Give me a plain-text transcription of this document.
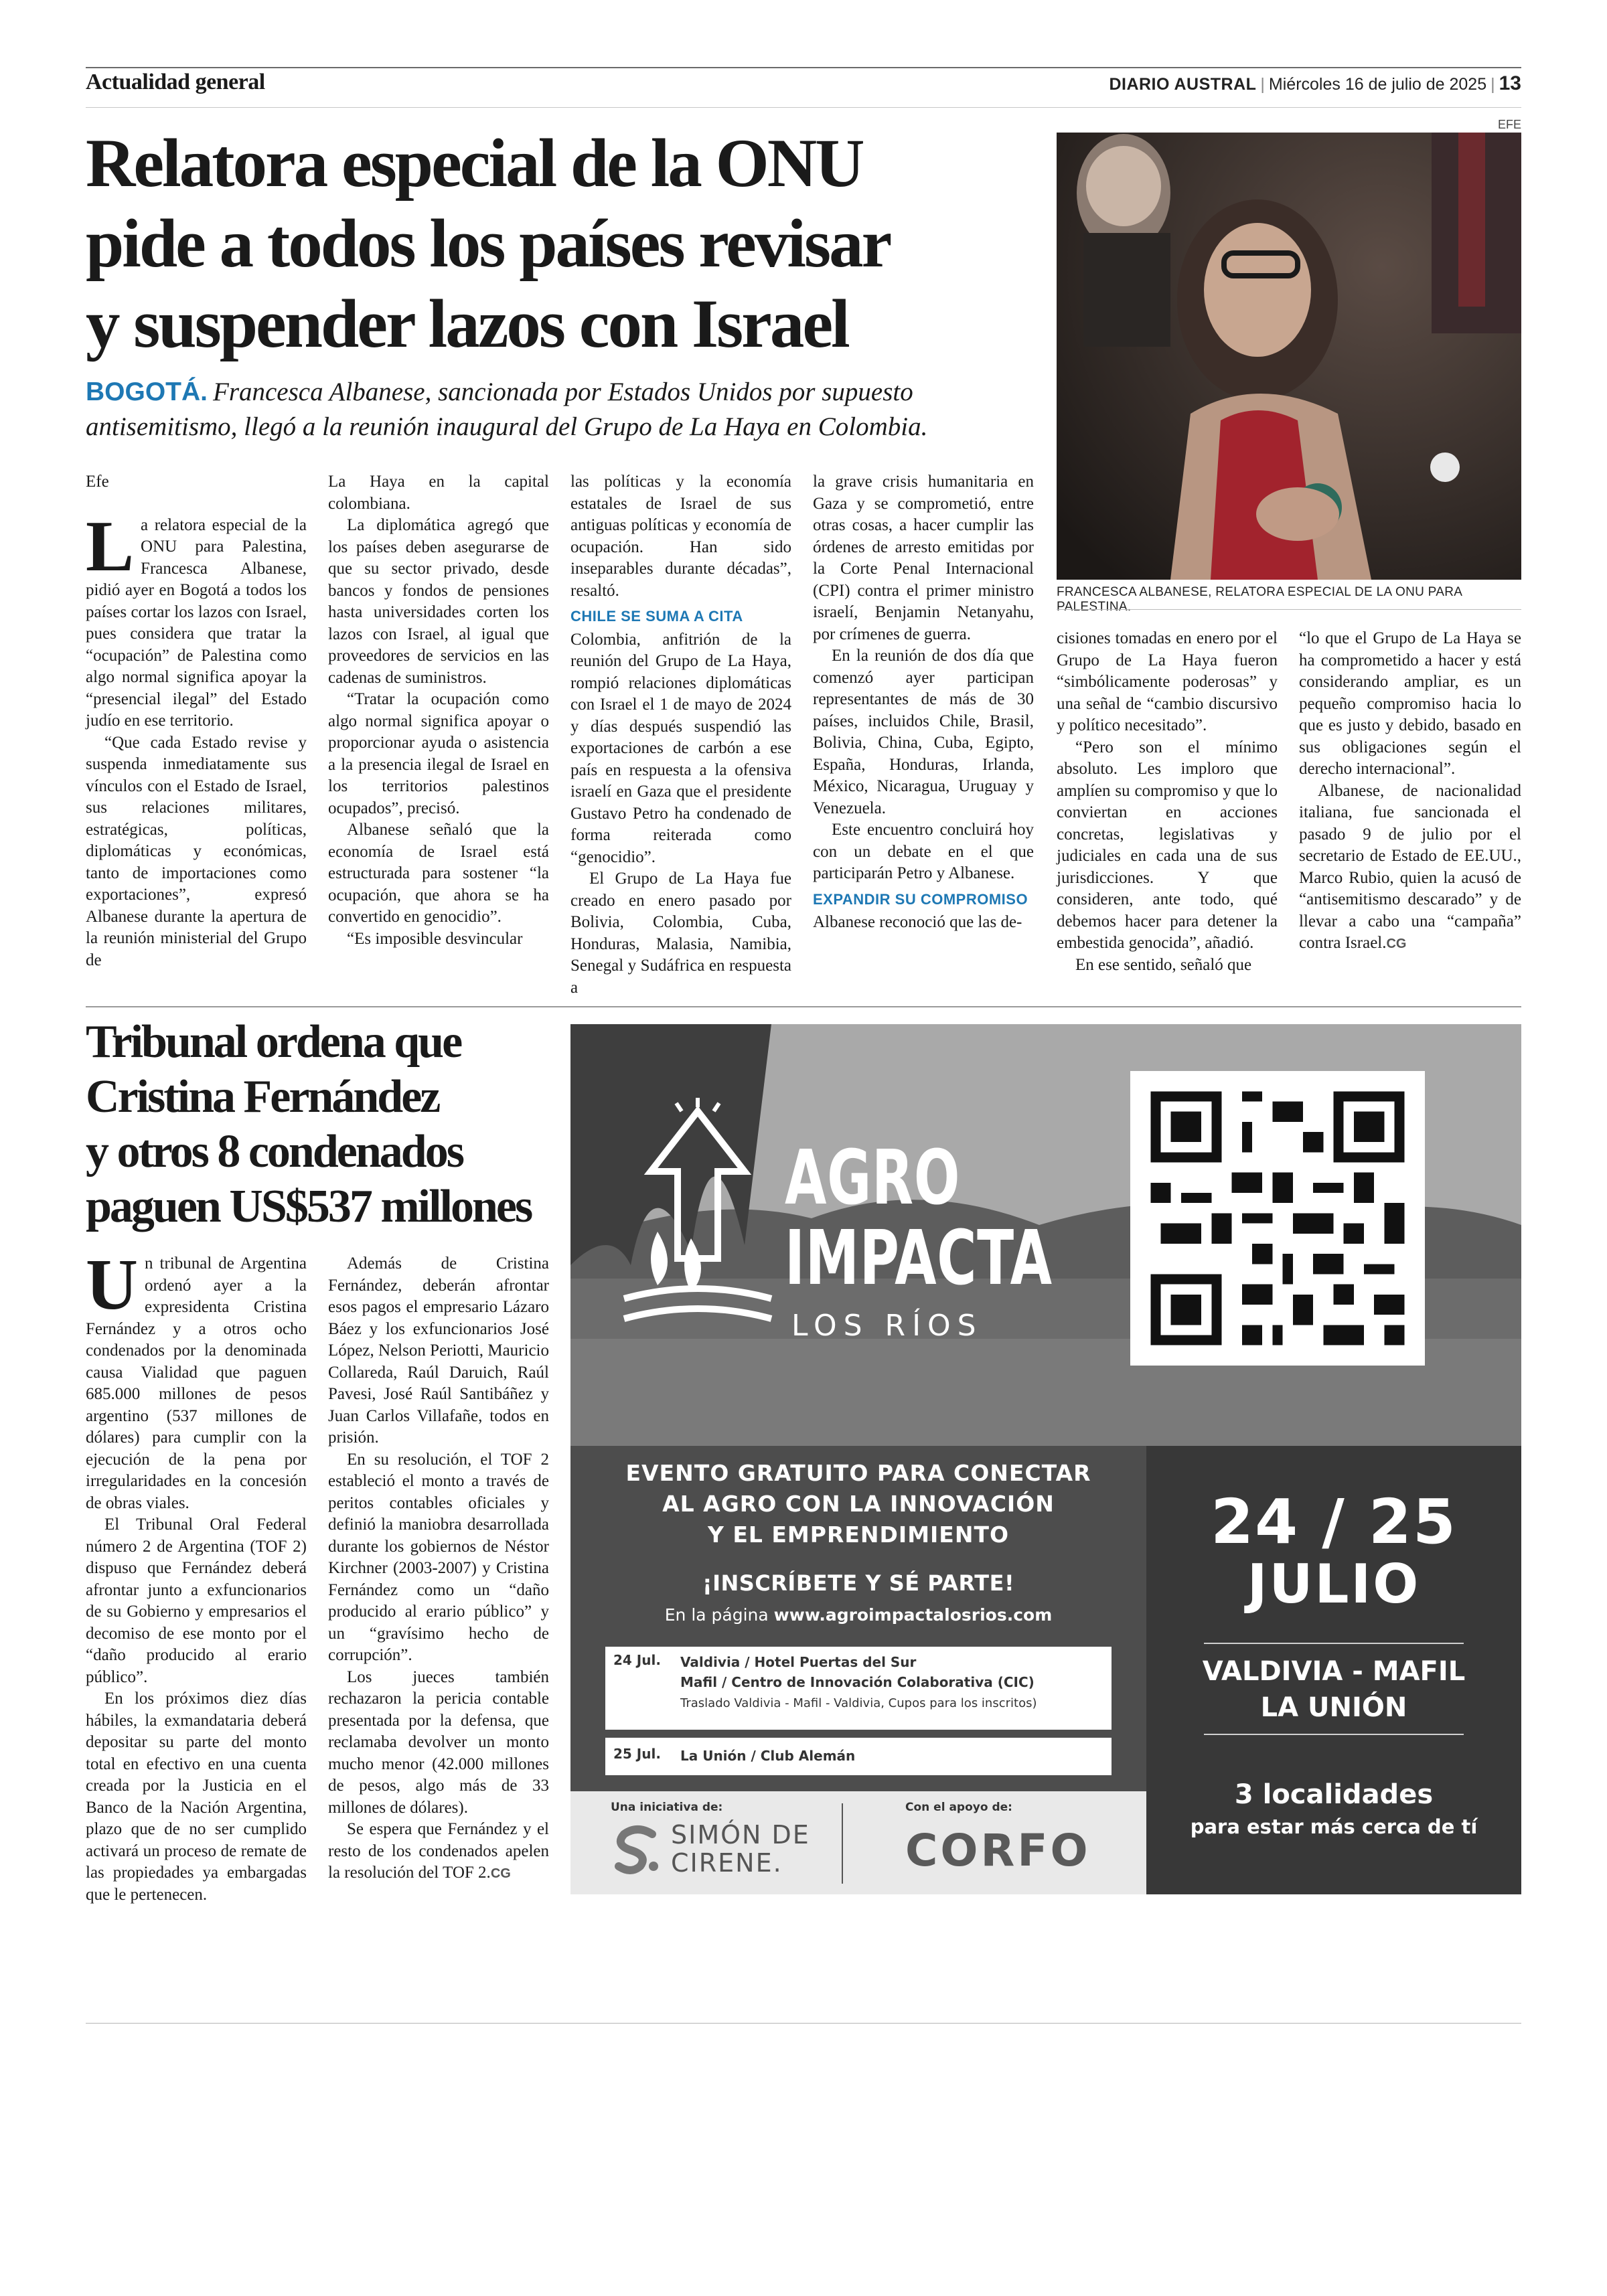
Actualidad general	DIARIO AUSTRAL | Miércoles 16 de julio de 2025 | 13
Relatora especial de la ONU
pide a todos los países revisar
y suspender lazos con Israel

BOGOTÁ. Francesca Albanese, sancionada por Estados Unidos por supuesto antisemitismo, llegó a la reunión inaugural del Grupo de La Haya en Colombia.

EFE
FRANCESCA ALBANESE, RELATORA ESPECIAL DE LA ONU PARA PALESTINA.

Efe

La relatora especial de la ONU para Palestina, Francesca Albanese, pidió ayer en Bogotá a todos los países cortar los lazos con Israel, pues considera que tratar la “ocupación” de Palestina como algo normal significa apoyar la “presencial ilegal” del Estado judío en ese territorio.

“Que cada Estado revise y suspenda inmediatamente sus vínculos con el Estado de Israel, sus relaciones militares, estratégicas, políticas, diplomáticas y económicas, tanto de importaciones como exportaciones”, expresó Albanese durante la apertura de la reunión ministerial del Grupo de

La Haya en la capital colombiana.

La diplomática agregó que los países deben asegurarse de que su sector privado, desde bancos y fondos de pensiones hasta universidades corten los lazos con Israel, al igual que proveedores de servicios en las cadenas de suministros.

“Tratar la ocupación como algo normal significa apoyar o proporcionar ayuda o asistencia a la presencia ilegal de Israel en los territorios palestinos ocupados”, precisó.

Albanese señaló que la economía de Israel está estructurada para sostener “la ocupación, que ahora se ha convertido en genocidio”.

“Es imposible desvincular

las políticas y la economía estatales de Israel de sus antiguas políticas y economía de ocupación. Han sido inseparables durante décadas”, resaltó.

CHILE SE SUMA A CITA

Colombia, anfitrión de la reunión del Grupo de La Haya, rompió relaciones diplomáticas con Israel el 1 de mayo de 2024 y días después suspendió las exportaciones de carbón a ese país en respuesta a la ofensiva israelí en Gaza que el presidente Gustavo Petro ha condenado de forma reiterada como “genocidio”.

El Grupo de La Haya fue creado en enero pasado por Bolivia, Colombia, Cuba, Honduras, Malasia, Namibia, Senegal y Sudáfrica en respuesta a

la grave crisis humanitaria en Gaza y se comprometió, entre otras cosas, a hacer cumplir las órdenes de arresto emitidas por la Corte Penal Internacional (CPI) contra el primer ministro israelí, Benjamin Netanyahu, por crímenes de guerra.

En la reunión de dos día que comenzó ayer participan representantes de más de 30 países, incluidos Chile, Brasil, Bolivia, China, Cuba, Egipto, España, Honduras, Irlanda, México, Nicaragua, Uruguay y Venezuela.

Este encuentro concluirá hoy con un debate en el que participarán Petro y Albanese.

EXPANDIR SU COMPROMISO

Albanese reconoció que las de-

cisiones tomadas en enero por el Grupo de La Haya fueron “simbólicamente poderosas” y una señal de “cambio discursivo y político necesitado”.

“Pero son el mínimo absoluto. Les imploro que amplíen su compromiso y que lo conviertan en acciones concretas, legislativas y judiciales en cada una de sus jurisdicciones. Y que consideren, ante todo, qué debemos hacer para detener la embestida genocida”, añadió.

En ese sentido, señaló que

“lo que el Grupo de La Haya se ha comprometido a hacer y está considerando ampliar, es un pequeño compromiso hacia lo que es justo y debido, basado en sus obligaciones según el derecho internacional”.

Albanese, de nacionalidad italiana, fue sancionada el pasado 9 de julio por el secretario de Estado de EE.UU., Marco Rubio, quien la acusó de “antisemitismo descarado” y de llevar a cabo una “campaña” contra Israel.CG

Tribunal ordena que
Cristina Fernández
y otros 8 condenados
paguen US$537 millones

Un tribunal de Argentina ordenó ayer a la expresidenta Cristina Fernández y a otros ocho condenados por la denominada causa Vialidad que paguen 685.000 millones de pesos argentino (537 millones de dólares) para cumplir con la ejecución de la pena por irregularidades en la concesión de obras viales.

El Tribunal Oral Federal número 2 de Argentina (TOF 2) dispuso que Fernández deberá afrontar junto a exfuncionarios de su Gobierno y empresarios el decomiso de ese monto por el “daño producido al erario público”.

En los próximos diez días hábiles, la exmandataria deberá depositar su parte del monto total en efectivo en una cuenta creada por la Justicia en el Banco de la Nación Argentina, plazo que de no ser cumplido activará un proceso de remate de las propiedades ya embargadas que le pertenecen.

Además de Cristina Fernández, deberán afrontar esos pagos el empresario Lázaro Báez y los exfuncionarios José López, Nelson Periotti, Mauricio Collareda, Raúl Daruich, Raúl Pavesi, José Raúl Santibáñez y Juan Carlos Villafañe, todos en prisión.

En su resolución, el TOF 2 estableció el monto a través de peritos contables oficiales y definió la maniobra desarrollada durante los gobiernos de Néstor Kirchner (2003-2007) y Cristina Fernández como un “daño producido al erario público” y un “gravísimo hecho de corrupción”.

Los jueces también rechazaron la pericia contable presentada por la defensa, que reclamaba devolver un monto mucho menor (42.000 millones de pesos, algo más de 33 millones de dólares).

Se espera que Fernández y el resto de los condenados apelen la resolución del TOF 2.CG

AGRO
IMPACTA
LOS RÍOS
EVENTO GRATUITO PARA CONECTAR
AL AGRO CON LA INNOVACIÓN
Y EL EMPRENDIMIENTO
¡INSCRÍBETE Y SÉ PARTE!
En la página www.agroimpactalosrios.com
24 Jul. Valdivia / Hotel Puertas del Sur
Mafil / Centro de Innovación Colaborativa (CIC)
Traslado Valdivia - Mafil - Valdivia, Cupos para los inscritos)
25 Jul. La Unión / Club Alemán
24 / 25
JULIO
VALDIVIA - MAFIL
LA UNIÓN
3 localidades
para estar más cerca de tí
Una iniciativa de:
SIMÓN DE
CIRENE.
Con el apoyo de:
CORFO
